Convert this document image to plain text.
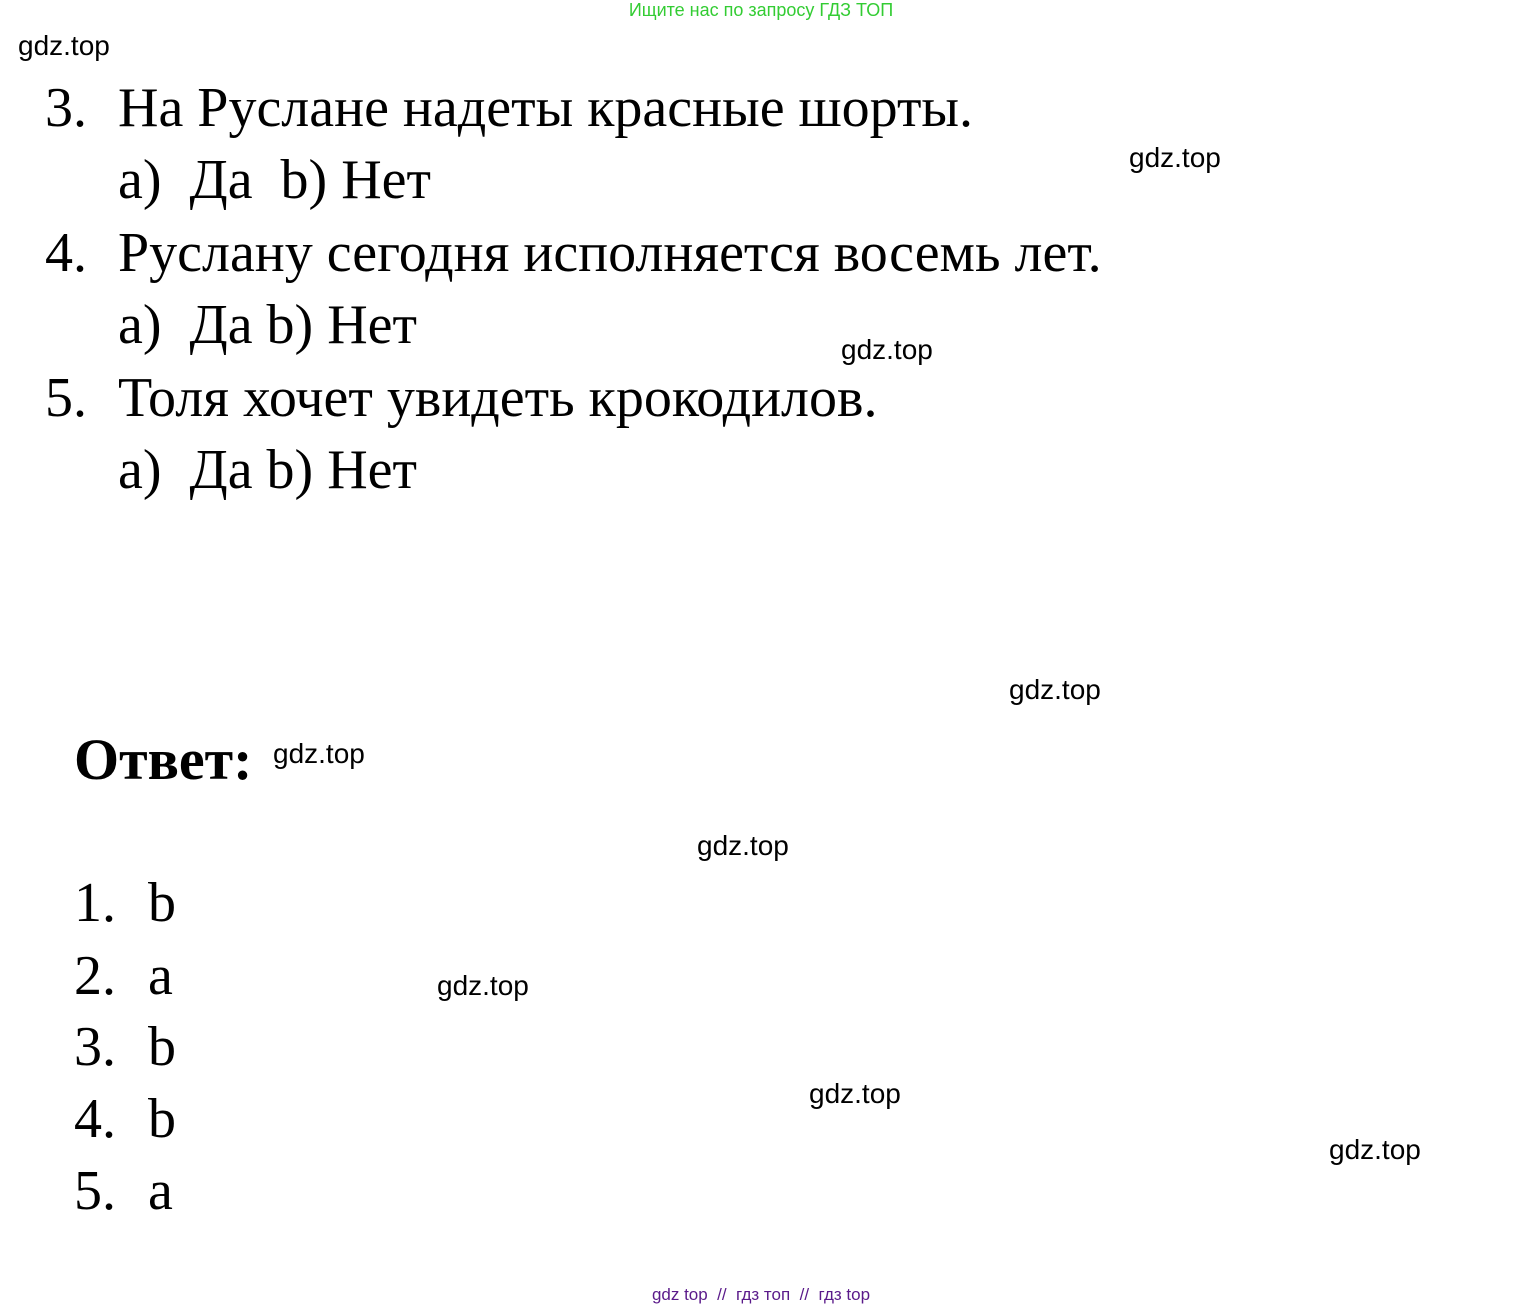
Ищите нас по запросу ГДЗ ТОП
gdz.top
gdz.top
gdz.top
gdz.top
gdz.top
gdz.top
gdz.top
gdz.top
gdz.top
3. На Руслане надеты красные шорты.
a)  Да  b) Нет
4. Руслану сегодня исполняется восемь лет.
a)  Да b) Нет
5. Толя хочет увидеть крокодилов.
a)  Да b) Нет
Ответ:
1. b
2. a
3. b
4. b
5. a
gdz top  //  гдз топ  //  гдз top
